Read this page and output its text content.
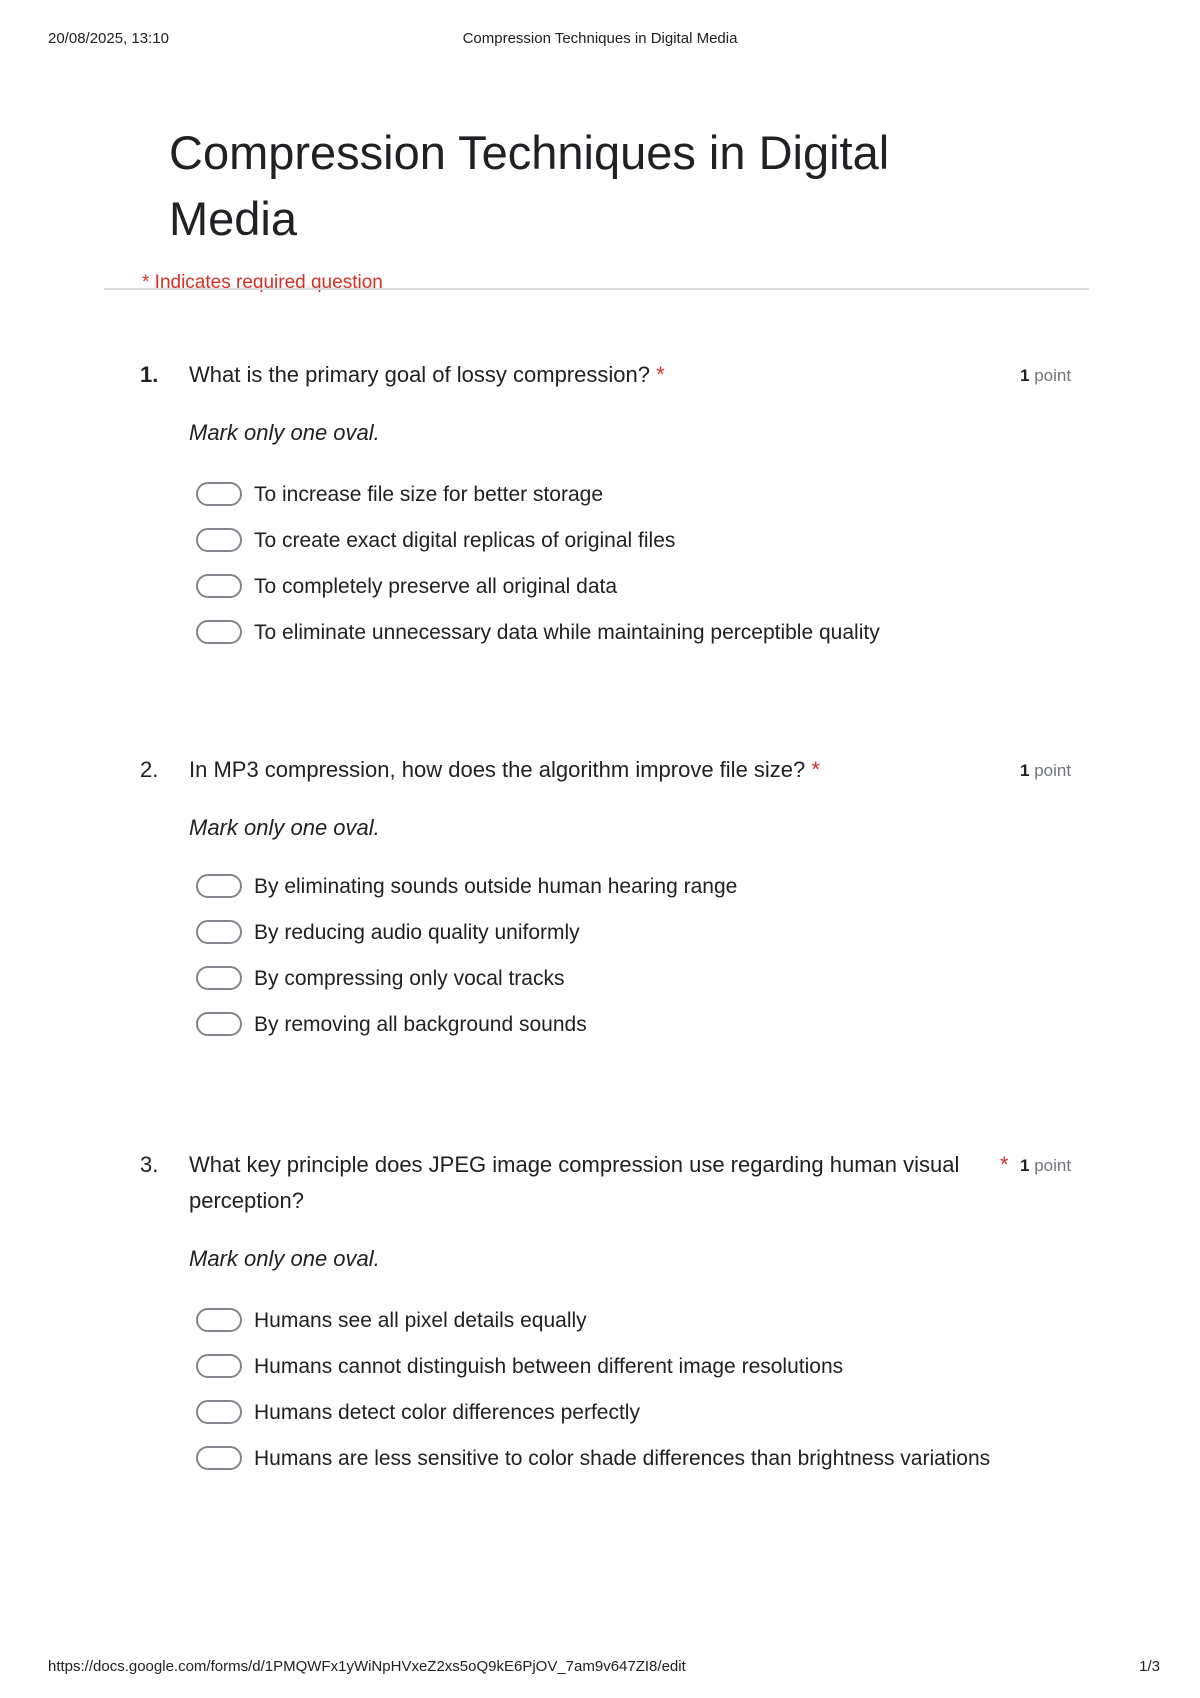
20/08/2025, 13:10	Compression Techniques in Digital Media
Compression Techniques in Digital Media
* Indicates required question
1. What is the primary goal of lossy compression? *	1 point
Mark only one oval.
To increase file size for better storage
To create exact digital replicas of original files
To completely preserve all original data
To eliminate unnecessary data while maintaining perceptible quality
2. In MP3 compression, how does the algorithm improve file size? *	1 point
Mark only one oval.
By eliminating sounds outside human hearing range
By reducing audio quality uniformly
By compressing only vocal tracks
By removing all background sounds
3. What key principle does JPEG image compression use regarding human visual perception?
* 1 point
Mark only one oval.
Humans see all pixel details equally
Humans cannot distinguish between different image resolutions
Humans detect color differences perfectly
Humans are less sensitive to color shade differences than brightness variations
https://docs.google.com/forms/d/1PMQWFx1yWiNpHVxeZ2xs5oQ9kE6PjOV_7am9v647ZI8/edit	1/3
